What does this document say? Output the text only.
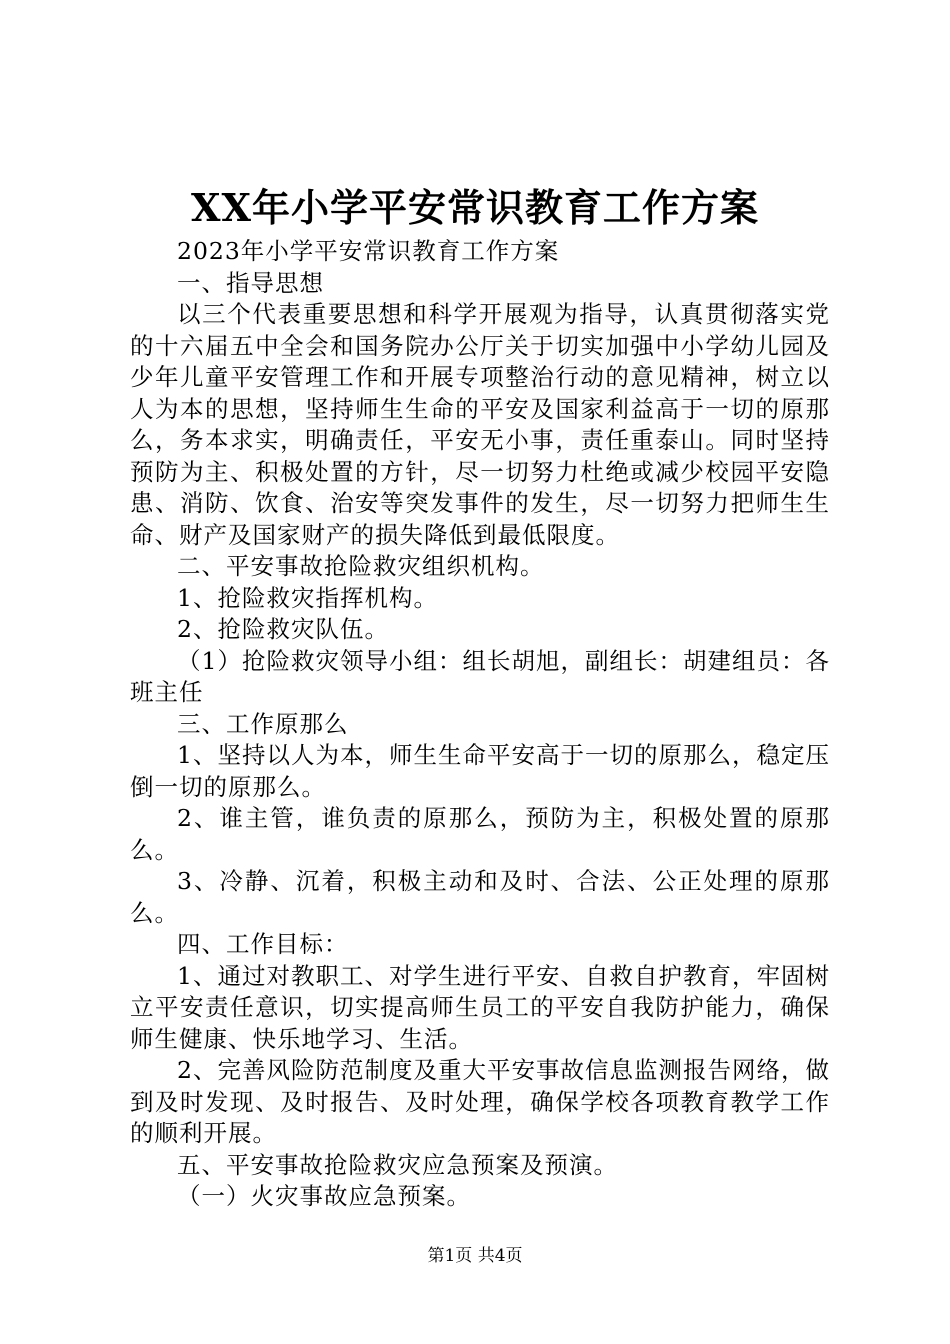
XX年小学平安常识教育工作方案

2023年小学平安常识教育工作方案

一、指导思想

以三个代表重要思想和科学开展观为指导，认真贯彻落实党的十六届五中全会和国务院办公厅关于切实加强中小学幼儿园及少年儿童平安管理工作和开展专项整治行动的意见精神，树立以人为本的思想，坚持师生生命的平安及国家利益高于一切的原那么，务本求实，明确责任，平安无小事，责任重泰山。同时坚持预防为主、积极处置的方针，尽一切努力杜绝或减少校园平安隐患、消防、饮食、治安等突发事件的发生，尽一切努力把师生生命、财产及国家财产的损失降低到最低限度。

二、平安事故抢险救灾组织机构。

1、抢险救灾指挥机构。

2、抢险救灾队伍。

（1）抢险救灾领导小组：组长胡旭，副组长：胡建组员：各班主任

三、工作原那么

1、坚持以人为本，师生生命平安高于一切的原那么，稳定压倒一切的原那么。

2、谁主管，谁负责的原那么，预防为主，积极处置的原那么。

3、冷静、沉着，积极主动和及时、合法、公正处理的原那么。

四、工作目标：

1、通过对教职工、对学生进行平安、自救自护教育，牢固树立平安责任意识，切实提高师生员工的平安自我防护能力，确保师生健康、快乐地学习、生活。

2、完善风险防范制度及重大平安事故信息监测报告网络，做到及时发现、及时报告、及时处理，确保学校各项教育教学工作的顺利开展。

五、平安事故抢险救灾应急预案及预演。

（一）火灾事故应急预案。

第1页 共4页
